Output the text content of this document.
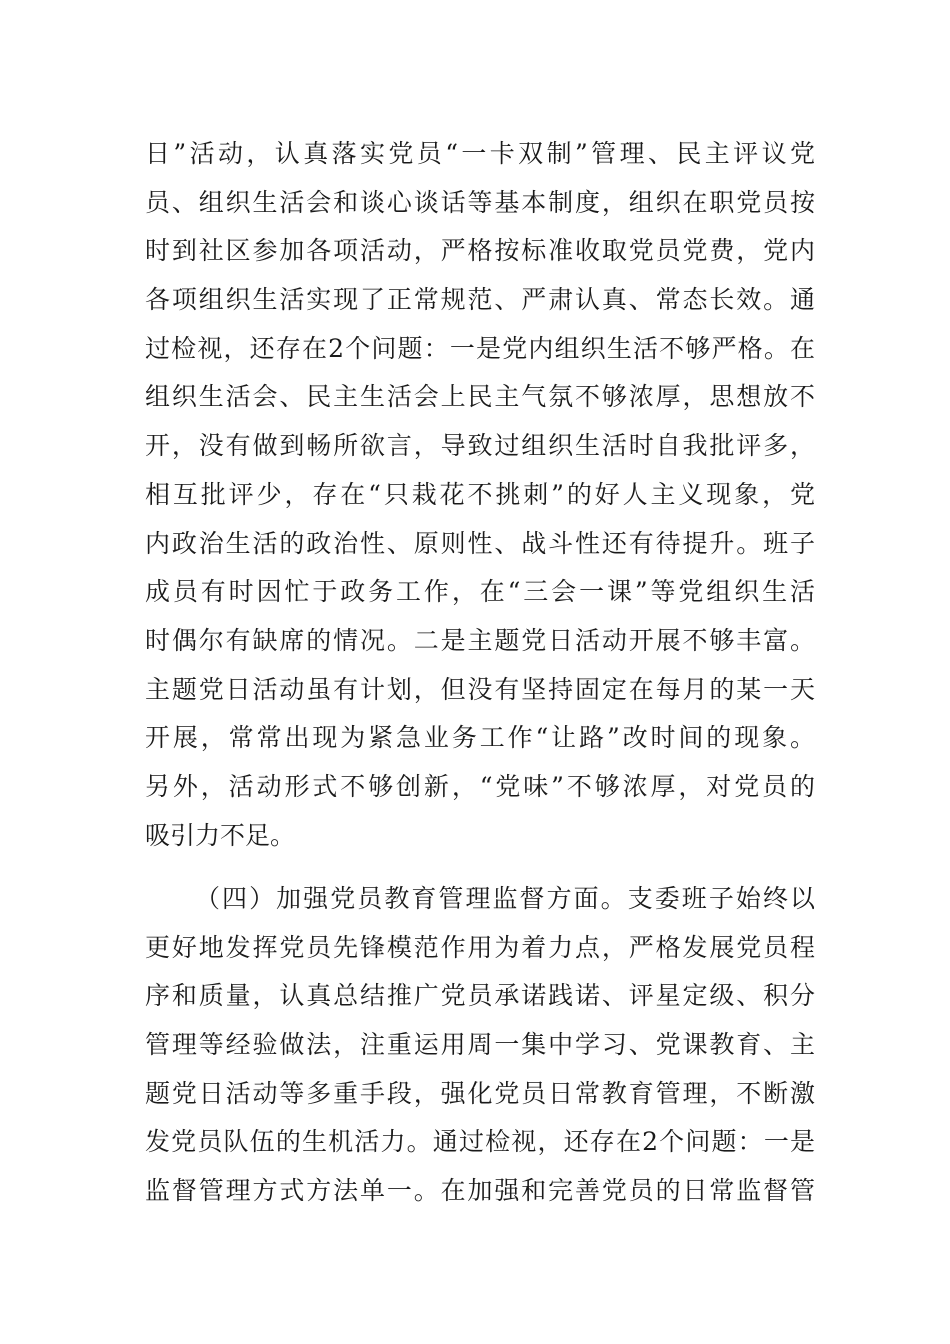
日”活动，认真落实党员“一卡双制”管理、民主评议党
员、组织生活会和谈心谈话等基本制度，组织在职党员按
时到社区参加各项活动，严格按标准收取党员党费，党内
各项组织生活实现了正常规范、严肃认真、常态长效。通
过检视，还存在2个问题：一是党内组织生活不够严格。在
组织生活会、民主生活会上民主气氛不够浓厚，思想放不
开，没有做到畅所欲言，导致过组织生活时自我批评多，
相互批评少，存在“只栽花不挑刺”的好人主义现象，党
内政治生活的政治性、原则性、战斗性还有待提升。班子
成员有时因忙于政务工作，在“三会一课”等党组织生活
时偶尔有缺席的情况。二是主题党日活动开展不够丰富。
主题党日活动虽有计划，但没有坚持固定在每月的某一天
开展，常常出现为紧急业务工作“让路”改时间的现象。
另外，活动形式不够创新，“党味”不够浓厚，对党员的
吸引力不足。
（四）加强党员教育管理监督方面。支委班子始终以
更好地发挥党员先锋模范作用为着力点，严格发展党员程
序和质量，认真总结推广党员承诺践诺、评星定级、积分
管理等经验做法，注重运用周一集中学习、党课教育、主
题党日活动等多重手段，强化党员日常教育管理，不断激
发党员队伍的生机活力。通过检视，还存在2个问题：一是
监督管理方式方法单一。在加强和完善党员的日常监督管
